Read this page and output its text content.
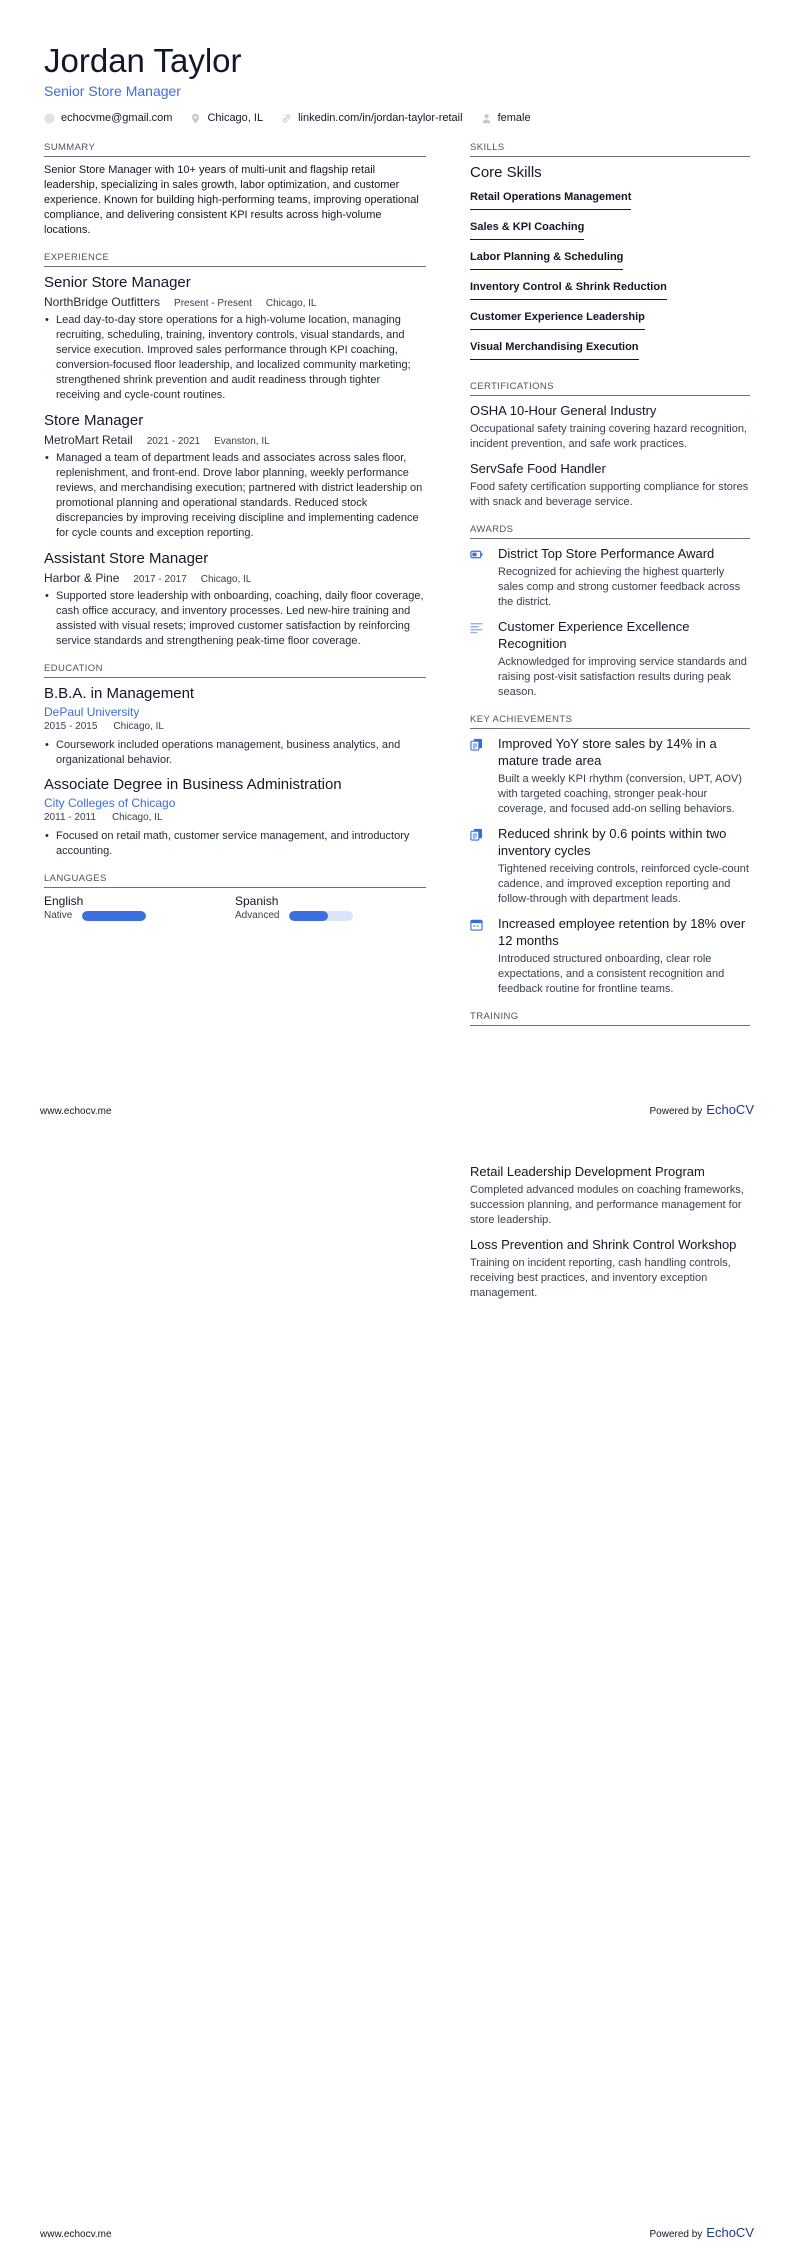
Jordan Taylor
Senior Store Manager
echocvme@gmail.com	Chicago, IL	linkedin.com/in/jordan-taylor-retail	female
SUMMARY

Senior Store Manager with 10+ years of multi-unit and flagship retail leadership, specializing in sales growth, labor optimization, and customer experience. Known for building high-performing teams, improving operational compliance, and delivering consistent KPI results across high-volume locations.

EXPERIENCE
Senior Store Manager
NorthBridge Outfitters Present - Present Chicago, IL
• Lead day-to-day store operations for a high-volume location, managing recruiting, scheduling, training, inventory controls, visual standards, and service execution. Improved sales performance through KPI coaching, conversion-focused floor leadership, and localized community marketing; strengthened shrink prevention and audit readiness through tighter receiving and cycle-count routines.
Store Manager
MetroMart Retail 2021 - 2021 Evanston, IL
• Managed a team of department leads and associates across sales floor, replenishment, and front-end. Drove labor planning, weekly performance reviews, and merchandising execution; partnered with district leadership on promotional planning and operational standards. Reduced stock discrepancies by improving receiving discipline and implementing cadence for cycle counts and exception reporting.
Assistant Store Manager
Harbor & Pine 2017 - 2017 Chicago, IL
• Supported store leadership with onboarding, coaching, daily floor coverage, cash office accuracy, and inventory processes. Led new-hire training and assisted with visual resets; improved customer satisfaction by reinforcing service standards and strengthening peak-time floor coverage.
EDUCATION
B.B.A. in Management
DePaul University
2015 - 2015 Chicago, IL
• Coursework included operations management, business analytics, and organizational behavior.
Associate Degree in Business Administration
City Colleges of Chicago
2011 - 2011 Chicago, IL
• Focused on retail math, customer service management, and introductory accounting.
LANGUAGES
English
Native
Spanish
Advanced
SKILLS
Core Skills
Retail Operations Management
Sales & KPI Coaching
Labor Planning & Scheduling
Inventory Control & Shrink Reduction
Customer Experience Leadership
Visual Merchandising Execution
CERTIFICATIONS
OSHA 10-Hour General Industry
Occupational safety training covering hazard recognition, incident prevention, and safe work practices.
ServSafe Food Handler
Food safety certification supporting compliance for stores with snack and beverage service.
AWARDS
District Top Store Performance Award
Recognized for achieving the highest quarterly sales comp and strong customer feedback across the district.
Customer Experience Excellence Recognition
Acknowledged for improving service standards and raising post-visit satisfaction results during peak season.
KEY ACHIEVEMENTS
Improved YoY store sales by 14% in a mature trade area
Built a weekly KPI rhythm (conversion, UPT, AOV) with targeted coaching, stronger peak-hour coverage, and focused add-on selling behaviors.
Reduced shrink by 0.6 points within two inventory cycles
Tightened receiving controls, reinforced cycle-count cadence, and improved exception reporting and follow-through with department leads.
Increased employee retention by 18% over 12 months
Introduced structured onboarding, clear role expectations, and a consistent recognition and feedback routine for frontline teams.
TRAINING
www.echocv.me	Powered by EchoCV
Retail Leadership Development Program
Completed advanced modules on coaching frameworks, succession planning, and performance management for store leadership.
Loss Prevention and Shrink Control Workshop
Training on incident reporting, cash handling controls, receiving best practices, and inventory exception management.
www.echocv.me	Powered by EchoCV
